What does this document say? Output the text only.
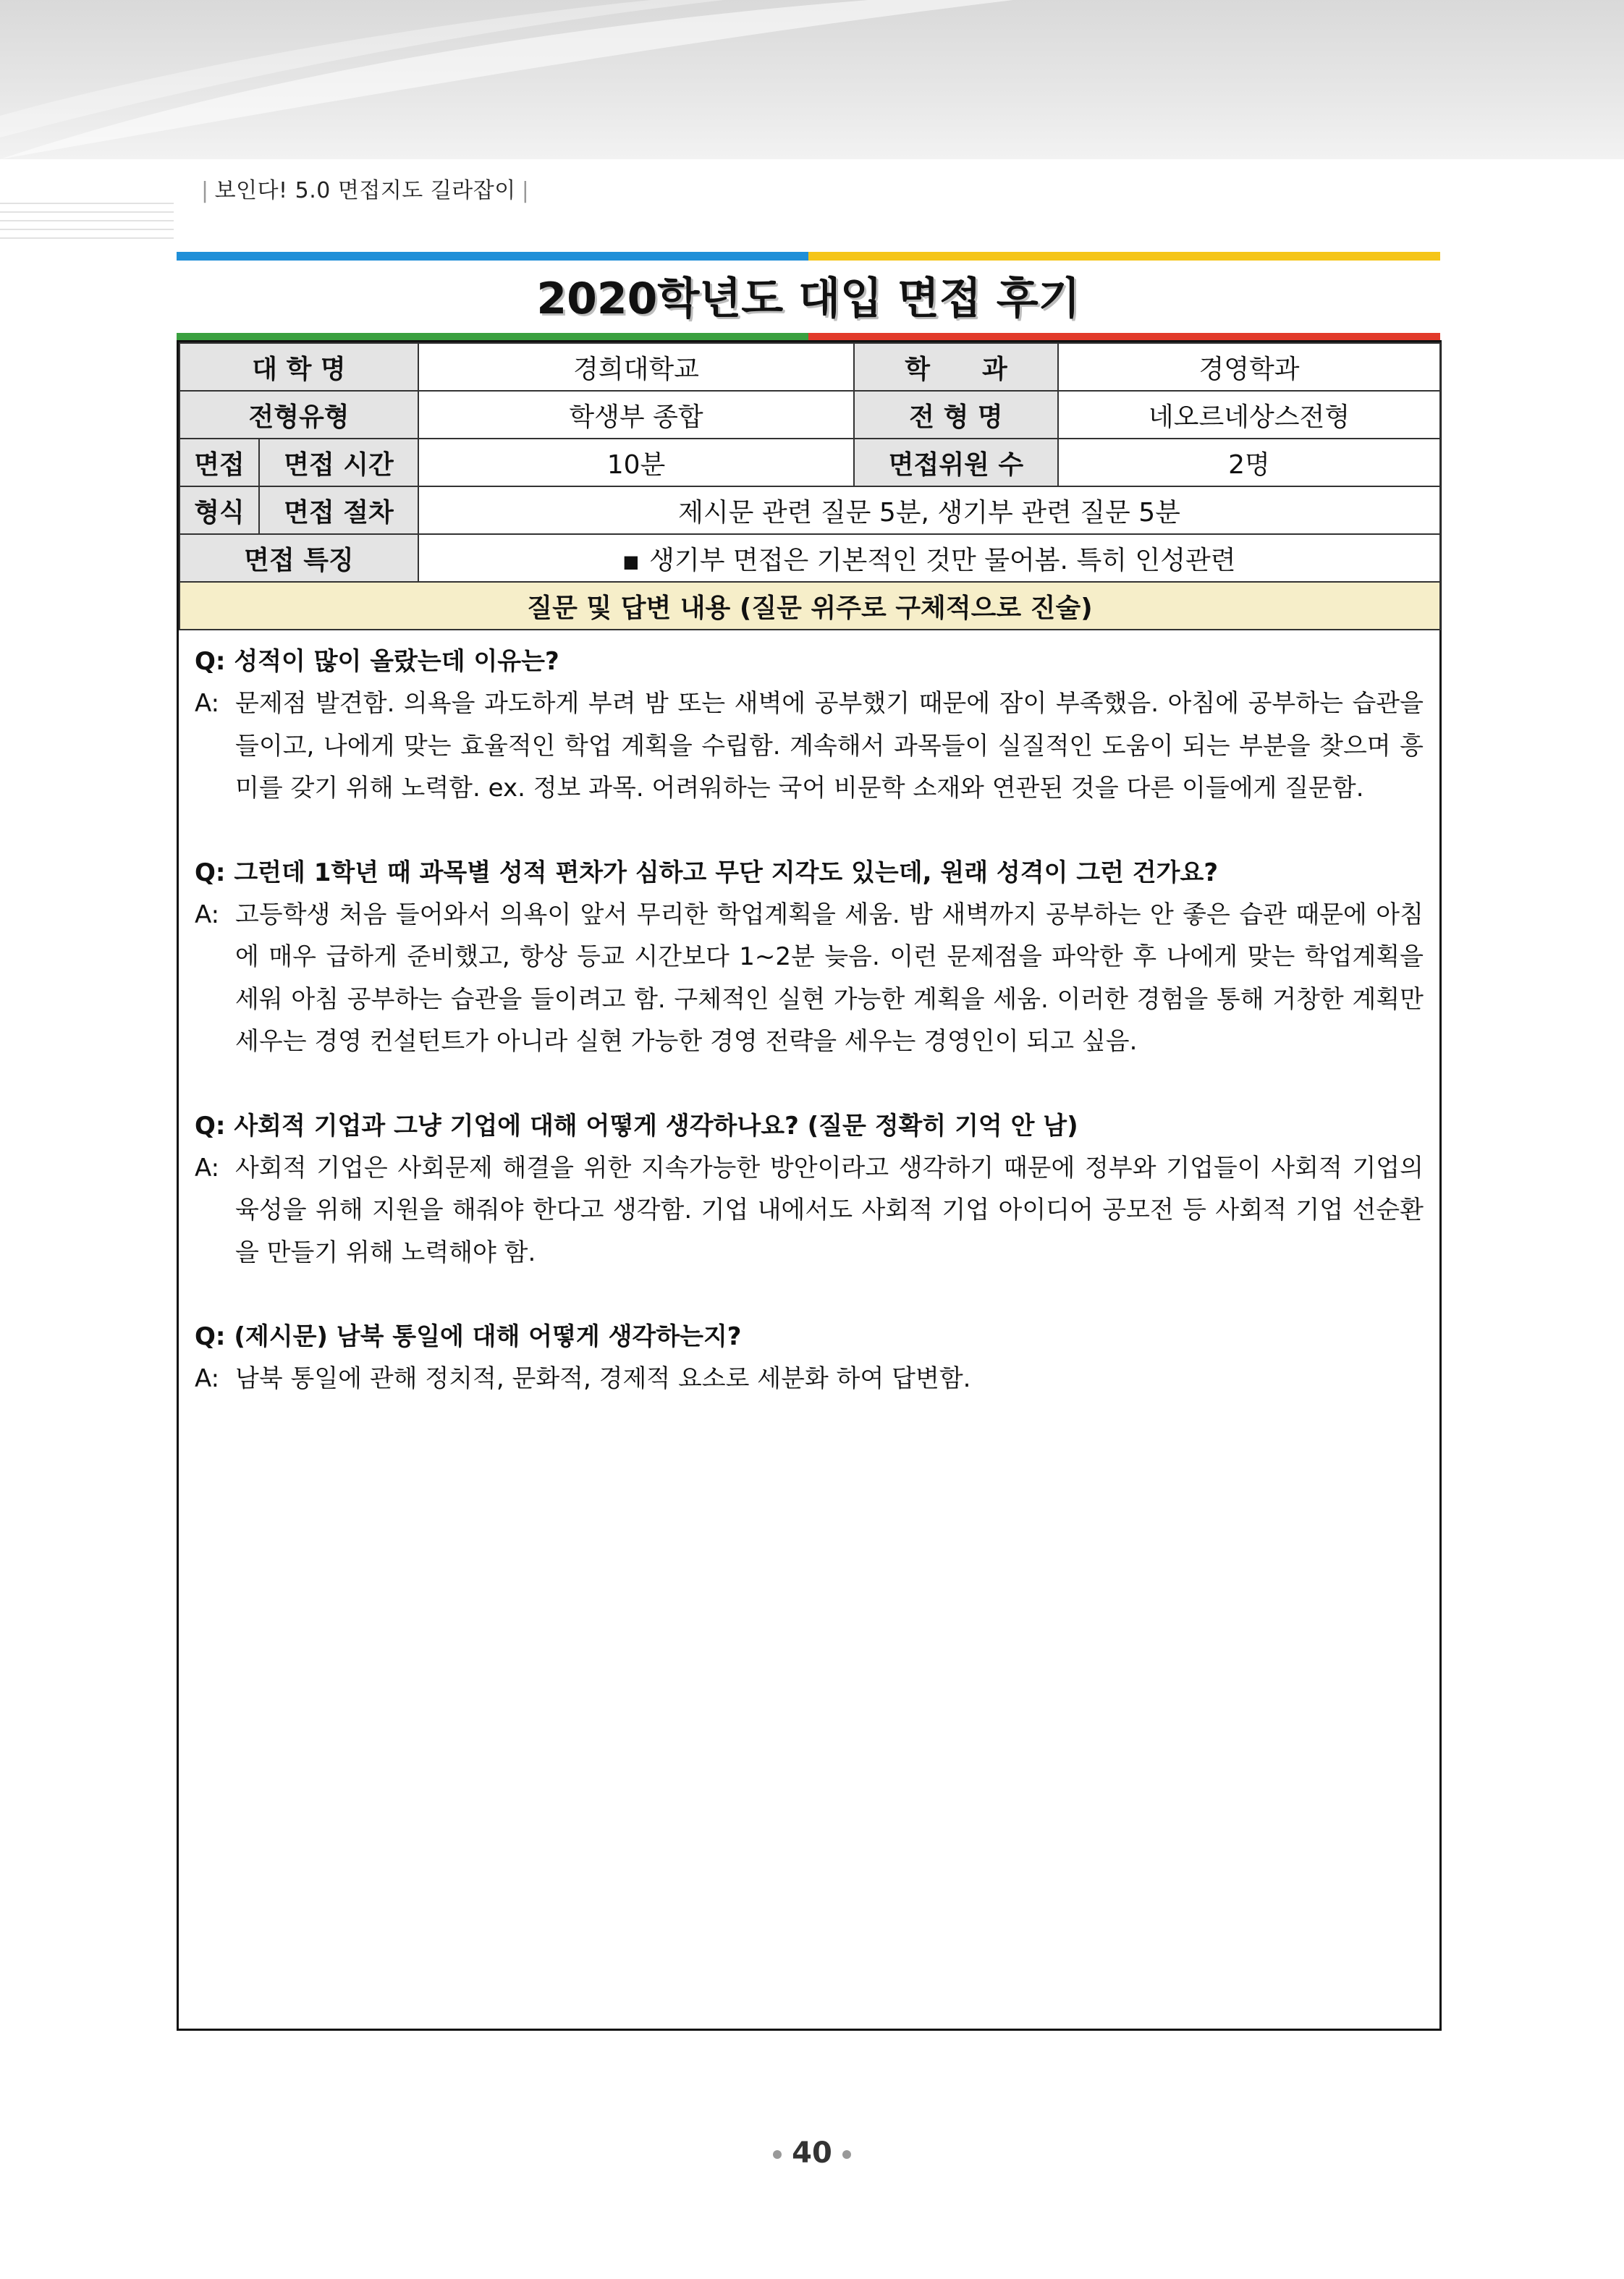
| 보인다! 5.0 면접지도 길라잡이 |
2020학년도 대입 면접 후기
대 학 명		경희대학교	학　　과	경영학과
전형유형		학생부 종합	전 형 명	네오르네상스전형
면접	면접 시간	10분	면접위원 수	2명
형식	면접 절차	제시문 관련 질문 5분, 생기부 관련 질문 5분		
면접 특징		■ 생기부 면접은 기본적인 것만 물어봄. 특히 인성관련		
질문 및 답변 내용 (질문 위주로 구체적으로 진술)				
Q: 성적이 많이 올랐는데 이유는?
A: 문제점 발견함. 의욕을 과도하게 부려 밤 또는 새벽에 공부했기 때문에 잠이 부족했음. 아침에 공부하는 습관을 들이고, 나에게 맞는 효율적인 학업 계획을 수립함. 계속해서 과목들이 실질적인 도움이 되는 부분을 찾으며 흥미를 갖기 위해 노력함. ex. 정보 과목. 어려워하는 국어 비문학 소재와 연관된 것을 다른 이들에게 질문함.
Q: 그런데 1학년 때 과목별 성적 편차가 심하고 무단 지각도 있는데, 원래 성격이 그런 건가요?
A: 고등학생 처음 들어와서 의욕이 앞서 무리한 학업계획을 세움. 밤 새벽까지 공부하는 안 좋은 습관 때문에 아침에 매우 급하게 준비했고, 항상 등교 시간보다 1~2분 늦음. 이런 문제점을 파악한 후 나에게 맞는 학업계획을 세워 아침 공부하는 습관을 들이려고 함. 구체적인 실현 가능한 계획을 세움. 이러한 경험을 통해 거창한 계획만 세우는 경영 컨설턴트가 아니라 실현 가능한 경영 전략을 세우는 경영인이 되고 싶음.
Q: 사회적 기업과 그냥 기업에 대해 어떻게 생각하나요? (질문 정확히 기억 안 남)
A: 사회적 기업은 사회문제 해결을 위한 지속가능한 방안이라고 생각하기 때문에 정부와 기업들이 사회적 기업의 육성을 위해 지원을 해줘야 한다고 생각함. 기업 내에서도 사회적 기업 아이디어 공모전 등 사회적 기업 선순환을 만들기 위해 노력해야 함.
Q: (제시문) 남북 통일에 대해 어떻게 생각하는지?
A: 남북 통일에 관해 정치적, 문화적, 경제적 요소로 세분화 하여 답변함.
40
